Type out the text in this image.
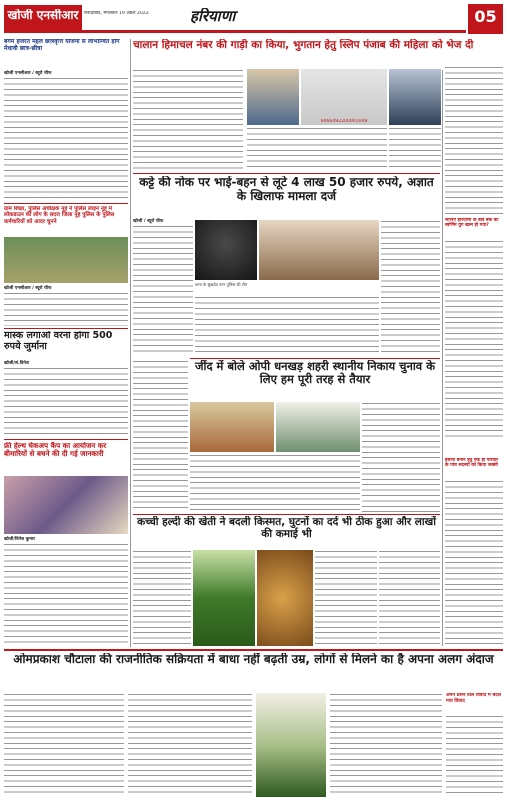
खोजी एनसीआर	फरीदाबाद, मंगलवार 19 अप्रैल 2022	हरियाणा	05
बेगम हजरत महल छात्रवृत्ति योजना से लाभान्वित होंगे मेधावी छात्र-छीत्रा
खोजी एनसीआर / ब्यूरो चीफ
ग्राम शिक्षा, पुलिस अधीक्षक नूंह ने पुलिस लाइन नूंह में लोकडाउन की लोग के सदरा जिला नूंह पुलिस के पुलिस कर्मचारियों को आदर चुनने
खोजी एनसीआर / ब्यूरो चीफ
मास्क लगाओ वरना होगा 500 रुपये जुर्माना
खोजी/सं.विनेश
फ्री हेल्थ चेकअप कैंप का आयोजन कर बीमारियों से बचने की दी गई जानकारी
खोजी/विनेश कुमार
चालान हिमाचल नंबर की गाड़ी का किया, भुगतान हेतु स्लिप पंजाब की महिला को भेज दी
9466492200001049
जानिए हरियाणा के बाद बैंक का स्वर्णिम युग खत्म हो गया?
इंसाफ बनाने हेतु एक ही परिवार के पांच सदस्यों को किया जख्मी
कट्टे की नोक पर भाई-बहन से लूटे 4 लाख 50 हजार रुपये, अज्ञात के खिलाफ मामला दर्ज
खोजी / ब्यूरो चीफ
थाना के सुखदेव नगर पुलिस की टीम
जींद में बोले ओपी धनखड़ शहरी स्थानीय निकाय चुनाव के लिए हम पूरी तरह से तैयार
कच्ची हल्दी की खेती ने बदली किस्मत, घुटनों का दर्द भी ठीक हुआ और लाखों की कमाई भी
ओमप्रकाश चौटाला की राजनीतिक सक्रियता में बाधा नहीं बढ़ती उम्र, लोगों से मिलने का है अपना अलग अंदाज
अपने प्रशन वाले विवाद में बदल गया विवाद
